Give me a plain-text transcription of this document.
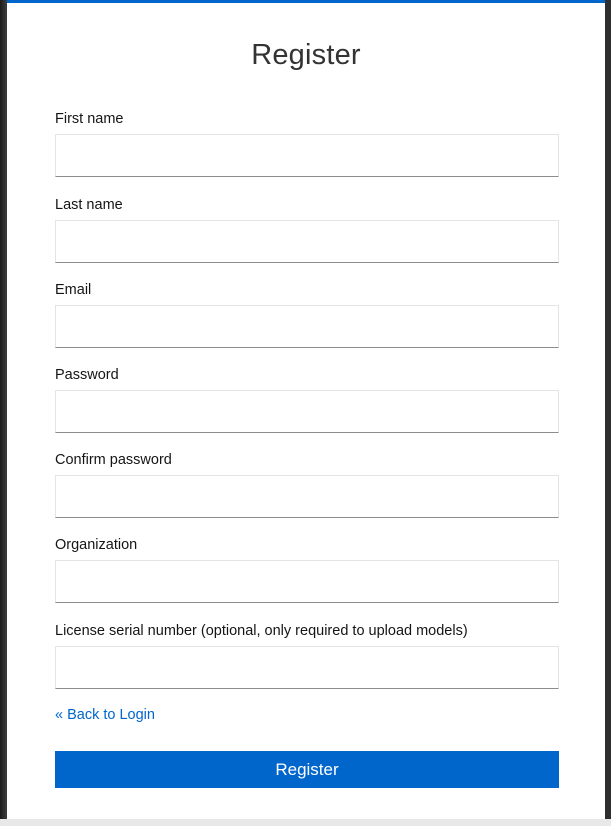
Register
First name
Last name
Email
Password
Confirm password
Organization
License serial number (optional, only required to upload models)
« Back to Login
Register
